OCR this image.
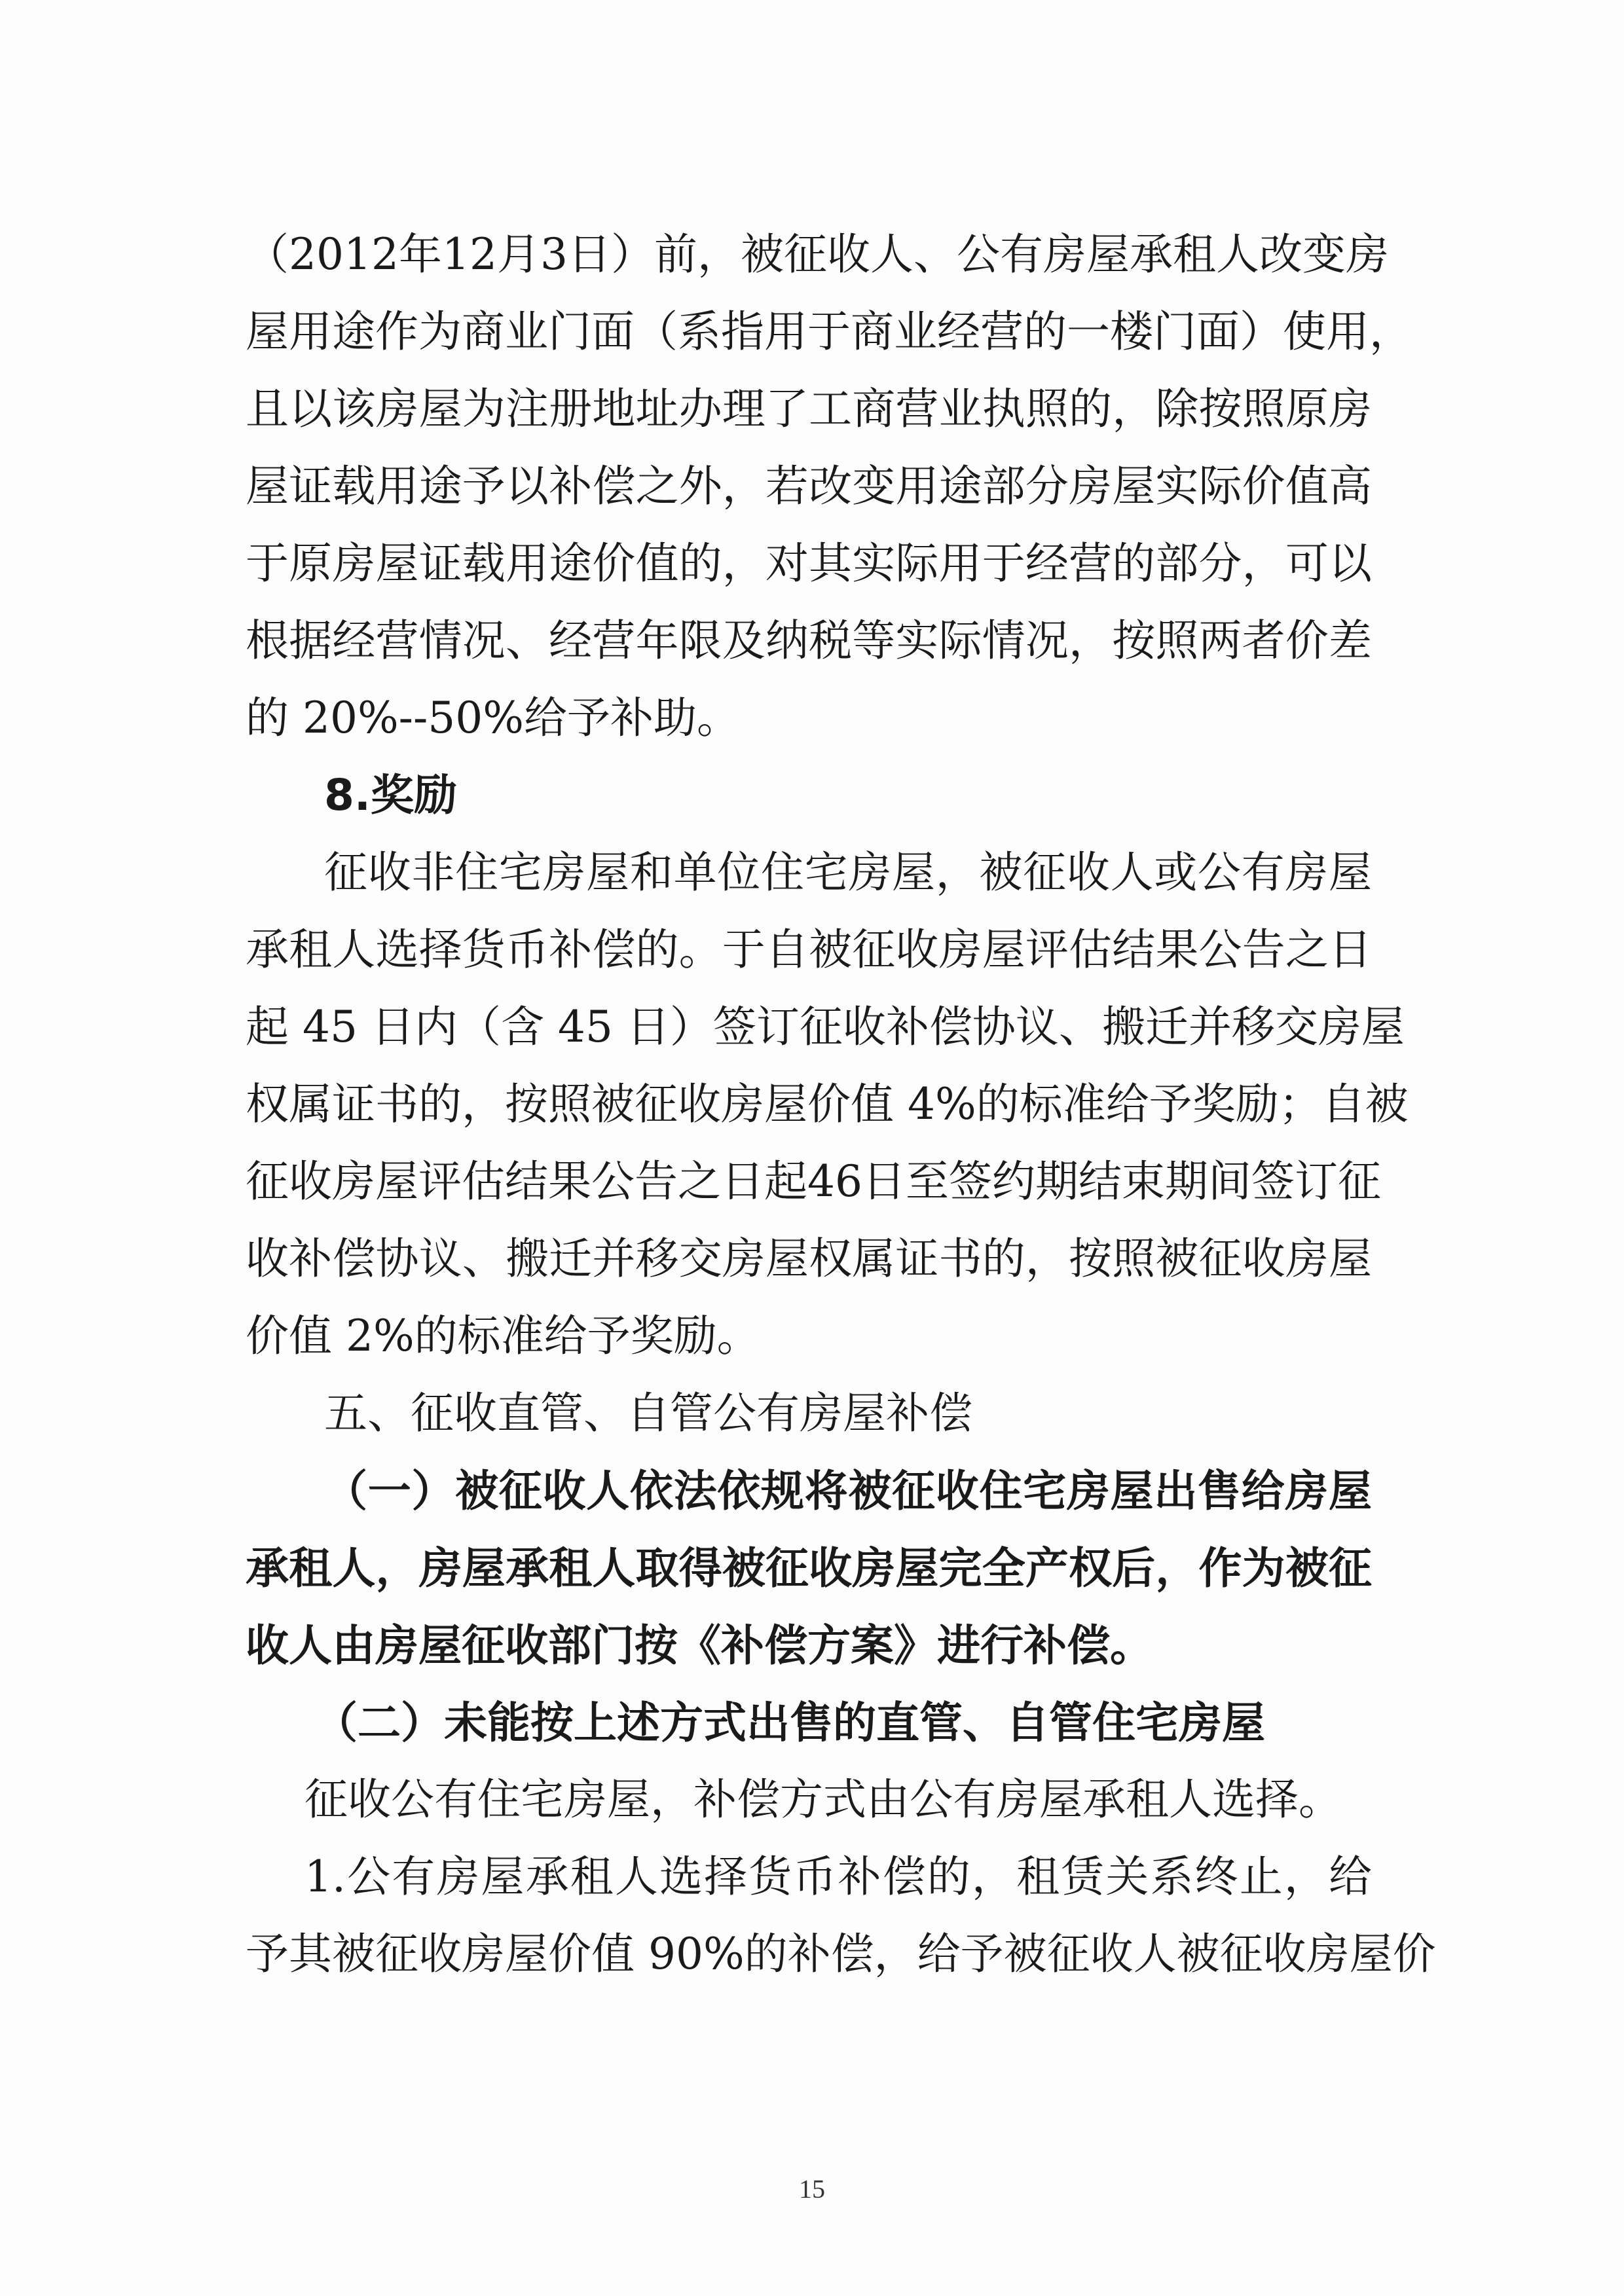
（2012年12月3日）前，被征收人、公有房屋承租人改变房
屋用途作为商业门面（系指用于商业经营的一楼门面）使用，
且以该房屋为注册地址办理了工商营业执照的，除按照原房
屋证载用途予以补偿之外，若改变用途部分房屋实际价值高
于原房屋证载用途价值的，对其实际用于经营的部分，可以
根据经营情况、经营年限及纳税等实际情况，按照两者价差
的 20%--50%给予补助。
8.奖励
征收非住宅房屋和单位住宅房屋，被征收人或公有房屋
承租人选择货币补偿的。于自被征收房屋评估结果公告之日
起 45 日内（含 45 日）签订征收补偿协议、搬迁并移交房屋
权属证书的，按照被征收房屋价值 4%的标准给予奖励；自被
征收房屋评估结果公告之日起46日至签约期结束期间签订征
收补偿协议、搬迁并移交房屋权属证书的，按照被征收房屋
价值 2%的标准给予奖励。
五、征收直管、自管公有房屋补偿
（一）被征收人依法依规将被征收住宅房屋出售给房屋
承租人，房屋承租人取得被征收房屋完全产权后，作为被征
收人由房屋征收部门按《补偿方案》进行补偿。
（二）未能按上述方式出售的直管、自管住宅房屋
征收公有住宅房屋，补偿方式由公有房屋承租人选择。
1.公有房屋承租人选择货币补偿的，租赁关系终止，给
予其被征收房屋价值 90%的补偿，给予被征收人被征收房屋价
15
